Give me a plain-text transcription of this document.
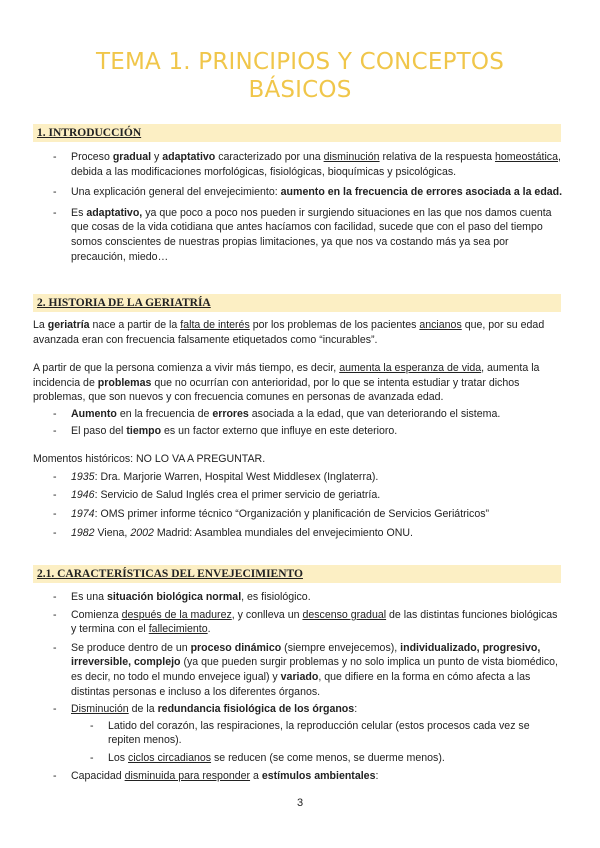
TEMA 1. PRINCIPIOS Y CONCEPTOS
BÁSICOS
1. INTRODUCCIÓN
- Proceso gradual y adaptativo caracterizado por una disminución relativa de la respuesta homeostática, debida a las modificaciones morfológicas, fisiológicas, bioquímicas y psicológicas.
- Una explicación general del envejecimiento: aumento en la frecuencia de errores asociada a la edad.
- Es adaptativo, ya que poco a poco nos pueden ir surgiendo situaciones en las que nos damos cuenta que cosas de la vida cotidiana que antes hacíamos con facilidad, sucede que con el paso del tiempo somos conscientes de nuestras propias limitaciones, ya que nos va costando más ya sea por precaución, miedo…
2. HISTORIA DE LA GERIATRÍA

La geriatría nace a partir de la falta de interés por los problemas de los pacientes ancianos que, por su edad avanzada eran con frecuencia falsamente etiquetados como “incurables”.

A partir de que la persona comienza a vivir más tiempo, es decir, aumenta la esperanza de vida, aumenta la incidencia de problemas que no ocurrían con anterioridad, por lo que se intenta estudiar y tratar dichos problemas, que son nuevos y con frecuencia comunes en personas de avanzada edad.

- Aumento en la frecuencia de errores asociada a la edad, que van deteriorando el sistema.
- El paso del tiempo es un factor externo que influye en este deterioro.

Momentos históricos: NO LO VA A PREGUNTAR.

- 1935: Dra. Marjorie Warren, Hospital West Middlesex (Inglaterra).
- 1946: Servicio de Salud Inglés crea el primer servicio de geriatría.
- 1974: OMS primer informe técnico “Organización y planificación de Servicios Geriátricos”
- 1982 Viena, 2002 Madrid: Asamblea mundiales del envejecimiento ONU.
2.1. CARACTERÍSTICAS DEL ENVEJECIMIENTO
- Es una situación biológica normal, es fisiológico.
- Comienza después de la madurez, y conlleva un descenso gradual de las distintas funciones biológicas y termina con el fallecimiento.
- Se produce dentro de un proceso dinámico (siempre envejecemos), individualizado, progresivo, irreversible, complejo (ya que pueden surgir problemas y no solo implica un punto de vista biomédico, es decir, no todo el mundo envejece igual) y variado, que difiere en la forma en cómo afecta a las distintas personas e incluso a los diferentes órganos.
- Disminución de la redundancia fisiológica de los órganos:
- Latido del corazón, las respiraciones, la reproducción celular (estos procesos cada vez se repiten menos).
- Los ciclos circadianos se reducen (se come menos, se duerme menos).
- Capacidad disminuida para responder a estímulos ambientales:
3
